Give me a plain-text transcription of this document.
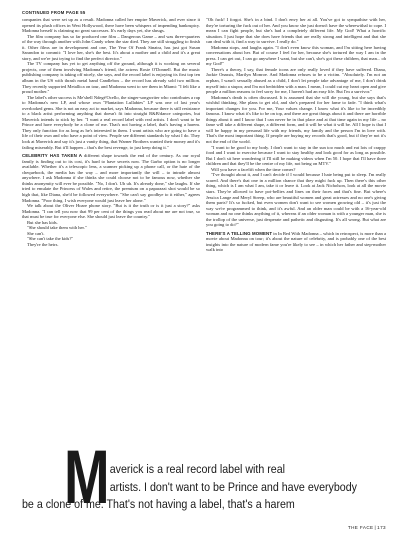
CONTINUED FROM PAGE 55

companies that were set up as a result. Madonna called her empire Maverick, and ever since it opened its plush offices in West Hollywood, there have been whispers of impending bankruptcy. Madonna herself is claiming no great successes. It's early days yet, she shrugs.

The film company has so far produced one film – Dangerous Game – and was three-quarters of the way through another with John Candy when the star died. They are still struggling to finish it. Other films are in development and one, The Year Of Frank Sinatra, has just got Susan Sarandon to commit: "I love her, she's the best. It's about a mother and a child and it's a great story, and we're just trying to find the perfect director."

The TV company has yet to get anything off the ground, although it is working on several projects, one of them involving Madonna's friend, the actress Rosie O'Donnell. But the music publishing company is taking off nicely, she says, and the record label is enjoying its first top ten album in the US with thrash metal band Candlebox – the record has already sold two million. They recently supported Metallica on tour, and Madonna went to see them in Miami: "I felt like a proud mother."

The label's other success is Me'shell Ndegé'Ocello, the singer-songwriter who contributes a rap to Madonna's new LP, and whose own "Plantation Lullabies" LP was one of last year's overlooked gems. She is not an easy act to market, says Madonna, because there is still resistance to a black artist performing anything that doesn't fit into straight R&B/dance categories, but Maverick intends to stick by her. "I want a real record label with real artists. I don't want to be Prince and have everybody be a clone of me. That's not having a label, that's having a harem. They only function for as long as he's interested in them. I want artists who are going to have a life of their own and who have a point of view. People see different standards by what I do. They look at Maverick and say it's just a vanity thing, that Warner Brothers wanted their money and it's failing miserably. But it'll happen – that's the best revenge, to just keep doing it."

CELEBRITY HAS TAKEN A different shape towards the end of the century. As our royal family is finding out to its cost, it's hard to have secrets now. The Garbo option is no longer available. Whether it's a telescopic lens, a scanner picking up a phone call, or the hate of the chequebook, the media has the way – and more importantly the will – to intrude almost anywhere. I ask Madonna if she thinks she could choose not to be famous now, whether she thinks anonymity will ever be possible. "No, I don't. Uh uh. It's already done," she laughs. If she tried to emulate the Princess of Wales and retire, the premium on a paparazzi shot would be so high that, like Diana, she'd be followed everywhere. "She can't say goodbye to it either," agrees Madonna. "Poor thing. I wish everyone would just leave her alone."

We talk about the Oliver Hoare phone story. "But is it the truth or is it just a story?" asks Madonna. "I can tell you now that 99 per cent of the things you read about me are not true, so that must be true for everyone else. She should just leave the country."

But she has kids.

"She should take them with her."

She can't.

"She can't take the kids?"

They're the heirs.

"Oh fuck! I forgot. She's in a bind. I don't envy her at all. You've got to sympathise with her, they're torturing the fuck out of her. And you know she just doesn't have the wherewithal to cope. I mean I can fight people, but she's had a completely different life. My God! What a horrific situation. I just hope that she does have friends that are really strong and intelligent and that she can deal with it, find a way to survive. I really do."

Madonna stops, and laughs again. "I don't even know this woman, and I'm sitting here having conversations about her. But of course I feel for her, because she's tortured the way I am in the press. I can get out, I can go anywhere I want, but she can't, she's got these children, that man... oh my God!"

There's a theory, I say, that female icons are only really loved if they have suffered. Diana, Jackie Onassis, Marilyn Monroe. And Madonna refuses to be a victim. "Absolutely. I'm not an orphan, I wasn't sexually abused as a child, I don't let people take advantage of me, I don't drink myself into a stupor, and I'm not bedridden with a man. I mean, I could cut my heart open and give people a million reasons to feel sorry for me, I haven't had an easy life. But I'm a survivor."

Madonna's death is often discussed. It is assumed that she will die young, but she says that's wishful thinking. She plans to get old, and she's prepared for her fame to fade. "I think what's important changes for you. For me, Your values change. I know what it's like to be incredibly famous. I know what it's like to be on top, and there are great things about it and there are horrible things about it and I know that I can never be in that place and at that time again in my life – no fame will take a different shape, a different form, and it will be what it will be. All I hope is that I will be happy in my personal life with my friends, my family and the person I'm in love with. That's the most important thing. If people are buying my records that's good, but if they're not it's not the end of the world.

"I want to be good to my body. I don't want to stay in the sun too much and eat lots of crappy food and I want to exercise because I want to stay healthy and look good for as long as possible. But I don't sit here wondering if I'll still be making videos when I'm 50. I hope that I'll have three children and that they'll be the centre of my life, not being on MTV."

Will you have a facelift when the time comes?

"I've thought about it, and I can't decide if I would because I hate being put to sleep. I'm really scared. And there's that one in a million chance that they might fuck up. Then there's this other thing, which is I am what I am, take it or leave it. Look at Jack Nicholson, look at all the movie stars. They're allowed to have pot-bellies and lines on their faces and that's fine. But where's Jessica Lange and Meryl Streep, who are beautiful women and great actresses and no one's giving them parts? It's so fucked, but even women don't want to see women growing old – it's just the way we're programmed to think, and it's awful. And an older man could be with a 16-year-old woman and no one thinks anything of it, whereas if an older woman is with a younger man, she is the trollop of the universe, just desperate and pathetic and disgusting. It's all wrong. But what are you going to do?"

THERE'S A TELLING MOMENT in In Bed With Madonna – which in retrospect, is more than a movie about Madonna on tour; it's about the nature of celebrity, and is probably one of the best insights into the nature of modern fame you're likely to see – in which her father and step-mother walk into

M averick is a real record label with real
artists. I don't want to be Prince and have everybody
be a clone of me. That's not having a label, that's a harem
THE FACE|173
